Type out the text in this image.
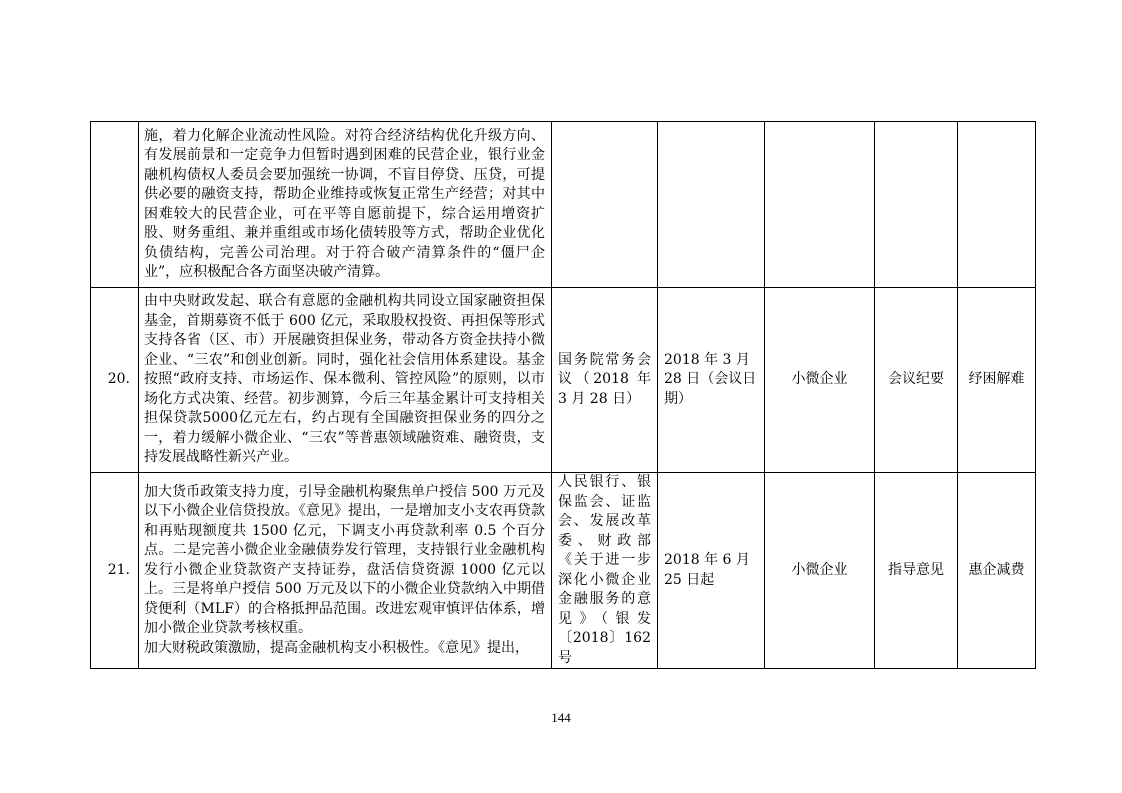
	施，着力化解企业流动性风险。对符合经济结构优化升级方向、有发展前景和一定竞争力但暂时遇到困难的民营企业，银行业金融机构债权人委员会要加强统一协调，不盲目停贷、压贷，可提供必要的融资支持，帮助企业维持或恢复正常生产经营；对其中困难较大的民营企业，可在平等自愿前提下，综合运用增资扩股、财务重组、兼并重组或市场化债转股等方式，帮助企业优化负债结构，完善公司治理。对于符合破产清算条件的“僵尸企业”，应积极配合各方面坚决破产清算。					

20.	由中央财政发起、联合有意愿的金融机构共同设立国家融资担保基金，首期募资不低于 600 亿元，采取股权投资、再担保等形式支持各省（区、市）开展融资担保业务，带动各方资金扶持小微企业、“三农”和创业创新。同时，强化社会信用体系建设。基金按照“政府支持、市场运作、保本微利、管控风险”的原则，以市场化方式决策、经营。初步测算，今后三年基金累计可支持相关担保贷款5000亿元左右，约占现有全国融资担保业务的四分之一，着力缓解小微企业、“三农”等普惠领域融资难、融资贵，支持发展战略性新兴产业。	国务院常务会议（2018 年 3 月 28 日）	2018 年 3 月 28 日（会议日期）	小微企业	会议纪要	纾困解难
21.	加大货币政策支持力度，引导金融机构聚焦单户授信 500 万元及以下小微企业信贷投放。《意见》提出，一是增加支小支农再贷款和再贴现额度共 1500 亿元，下调支小再贷款利率 0.5 个百分点。二是完善小微企业金融债券发行管理，支持银行业金融机构发行小微企业贷款资产支持证券，盘活信贷资源 1000 亿元以上。三是将单户授信 500 万元及以下的小微企业贷款纳入中期借贷便利（MLF）的合格抵押品范围。改进宏观审慎评估体系，增加小微企业贷款考核权重。
加大财税政策激励，提高金融机构支小积极性。《意见》提出，	人民银行、银保监会、证监会、发展改革委、财政部《关于进一步深化小微企业金融服务的意见》（银发〔2018〕162 号	2018 年 6 月 25 日起	小微企业	指导意见	惠企减费
144
